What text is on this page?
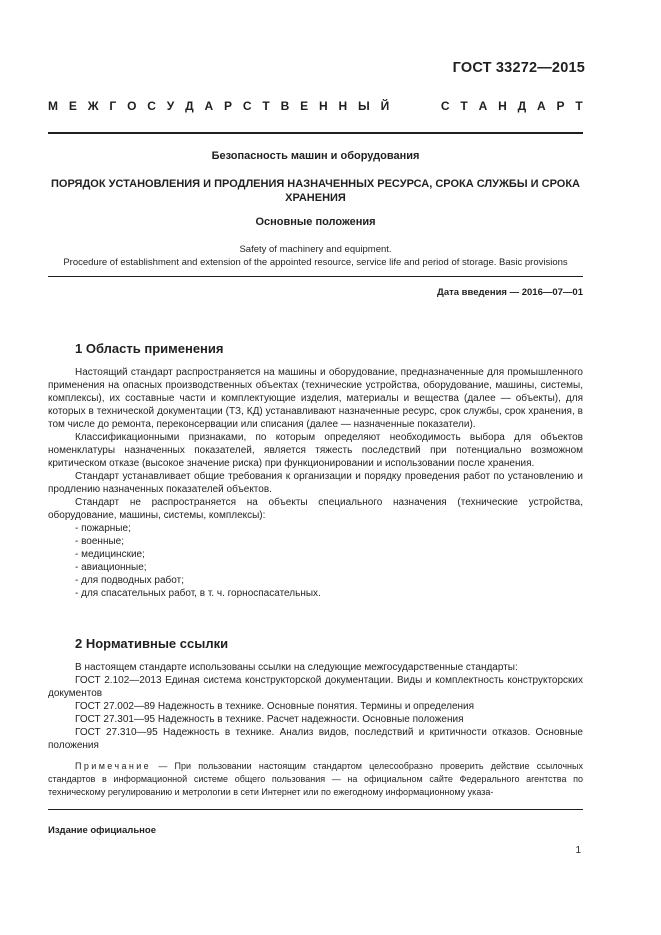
ГОСТ 33272—2015
М Е Ж Г О С У Д А Р С Т В Е Н Н Ы Й	С Т А Н Д А Р Т
Безопасность машин и оборудования
ПОРЯДОК УСТАНОВЛЕНИЯ И ПРОДЛЕНИЯ НАЗНАЧЕННЫХ РЕСУРСА, СРОКА СЛУЖБЫ И СРОКА ХРАНЕНИЯ
Основные положения
Safety of machinery and equipment.
Procedure of establishment and extension of the appointed resource, service life and period of storage. Basic provisions
Дата введения — 2016—07—01
1 Область применения

Настоящий стандарт распространяется на машины и оборудование, предназначенные для промышленного применения на опасных производственных объектах (технические устройства, оборудование, машины, системы, комплексы), их составные части и комплектующие изделия, материалы и вещества (далее — объекты), для которых в технической документации (ТЗ, КД) устанавливают назначенные ресурс, срок службы, срок хранения, в том числе до ремонта, переконсервации или списания (далее — назначенные показатели).

Классификационными признаками, по которым определяют необходимость выбора для объектов номенклатуры назначенных показателей, является тяжесть последствий при потенциально возможном критическом отказе (высокое значение риска) при функционировании и использовании после хранения.

Стандарт устанавливает общие требования к организации и порядку проведения работ по установлению и продлению назначенных показателей объектов.

Стандарт не распространяется на объекты специального назначения (технические устройства, оборудование, машины, системы, комплексы):

- пожарные;

- военные;

- медицинские;

- авиационные;

- для подводных работ;

- для спасательных работ, в т. ч. горноспасательных.

2 Нормативные ссылки

В настоящем стандарте использованы ссылки на следующие межгосударственные стандарты:

ГОСТ 2.102—2013 Единая система конструкторской документации. Виды и комплектность конструкторских документов

ГОСТ 27.002—89 Надежность в технике. Основные понятия. Термины и определения

ГОСТ 27.301—95 Надежность в технике. Расчет надежности. Основные положения

ГОСТ 27.310—95 Надежность в технике. Анализ видов, последствий и критичности отказов. Основные положения

Примечание — При пользовании настоящим стандартом целесообразно проверить действие ссылочных стандартов в информационной системе общего пользования — на официальном сайте Федерального агентства по техническому регулированию и метрологии в сети Интернет или по ежегодному информационному указа-
Издание официальное
1
